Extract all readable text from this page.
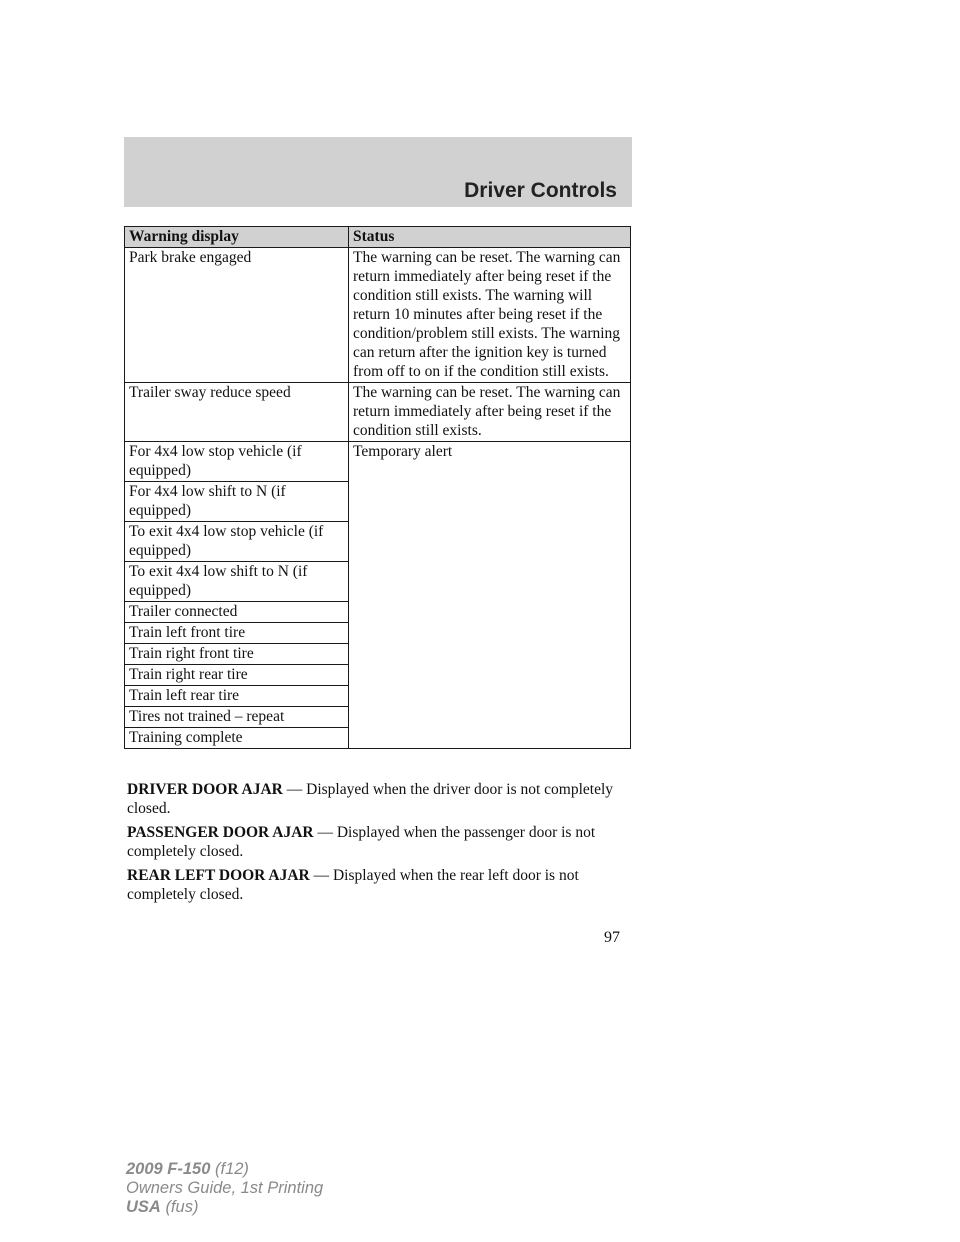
Driver Controls
Warning display	Status
Park brake engaged	The warning can be reset. The warning can return immediately after being reset if the condition still exists. The warning will return 10 minutes after being reset if the condition/problem still exists. The warning can return after the ignition key is turned from off to on if the condition still exists.
Trailer sway reduce speed	The warning can be reset. The warning can return immediately after being reset if the condition still exists.
For 4x4 low stop vehicle (if equipped)	Temporary alert
For 4x4 low shift to N (if equipped)	
To exit 4x4 low stop vehicle (if equipped)	
To exit 4x4 low shift to N (if equipped)	
Trailer connected	
Train left front tire	
Train right front tire	
Train right rear tire	
Train left rear tire	
Tires not trained – repeat	
Training complete	

DRIVER DOOR AJAR — Displayed when the driver door is not completely closed.

PASSENGER DOOR AJAR — Displayed when the passenger door is not completely closed.

REAR LEFT DOOR AJAR — Displayed when the rear left door is not completely closed.

97
2009 F-150 (f12)
Owners Guide, 1st Printing
USA (fus)
